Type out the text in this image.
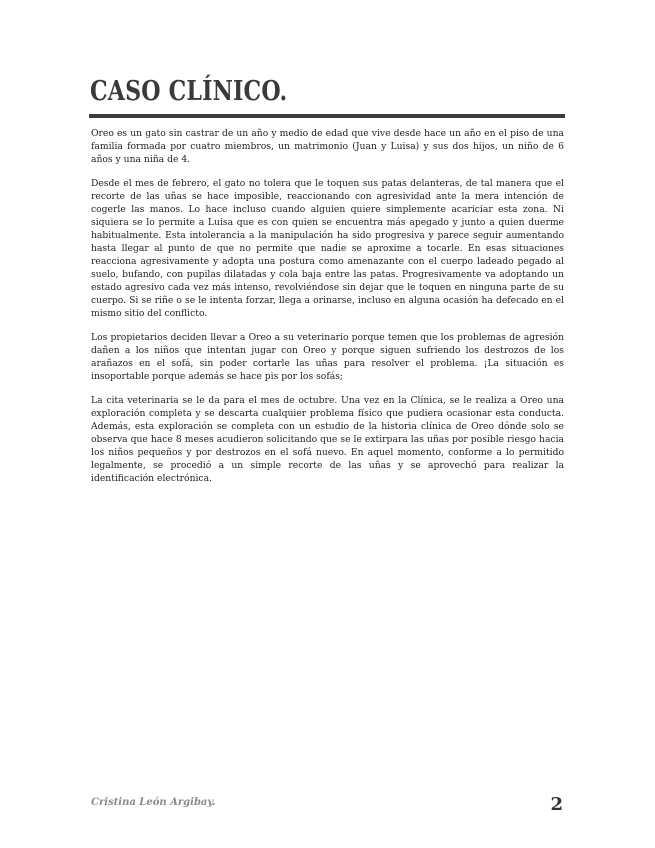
CASO CLÍNICO.

Oreo es un gato sin castrar de un año y medio de edad que vive desde hace un año en el piso de una familia formada por cuatro miembros, un matrimonio (Juan y Luisa) y sus dos hijos, un niño de 6 años y una niña de 4.

Desde el mes de febrero, el gato no tolera que le toquen sus patas delanteras, de tal manera que el recorte de las uñas se hace imposible, reaccionando con agresividad ante la mera intención de cogerle las manos. Lo hace incluso cuando alguien quiere simplemente acariciar esta zona. Ni siquiera se lo permite a Luisa que es con quien se encuentra más apegado y junto a quien duerme habitualmente. Esta intolerancia a la manipulación ha sido progresiva y parece seguir aumentando hasta llegar al punto de que no permite que nadie se aproxime a tocarle. En esas situaciones reacciona agresivamente y adopta una postura como amenazante con el cuerpo ladeado pegado al suelo, bufando, con pupilas dilatadas y cola baja entre las patas. Progresivamente va adoptando un estado agresivo cada vez más intenso, revolviéndose sin dejar que le toquen en ninguna parte de su cuerpo. Si se riñe o se le intenta forzar, llega a orinarse, incluso en alguna ocasión ha defecado en el mismo sitio del conflicto.

Los propietarios deciden llevar a Oreo a su veterinario porque temen que los problemas de agresión dañen a los niños que intentan jugar con Oreo y porque siguen sufriendo los destrozos de los arañazos en el sofá, sin poder cortarle las uñas para resolver el problema. ¡La situación es insoportable porque además se hace pis por los sofás;

La cita veterinaria se le da para el mes de octubre. Una vez en la Clínica, se le realiza a Oreo una exploración completa y se descarta cualquier problema físico que pudiera ocasionar esta conducta. Además, esta exploración se completa con un estudio de la historia clínica de Oreo dónde solo se observa que hace 8 meses acudieron solicitando que se le extirpara las uñas por posible riesgo hacia los niños pequeños y por destrozos en el sofá nuevo. En aquel momento, conforme a lo permitido legalmente, se procedió a un simple recorte de las uñas y se aprovechó para realizar la identificación electrónica.

Cristina León Argibay.	2
